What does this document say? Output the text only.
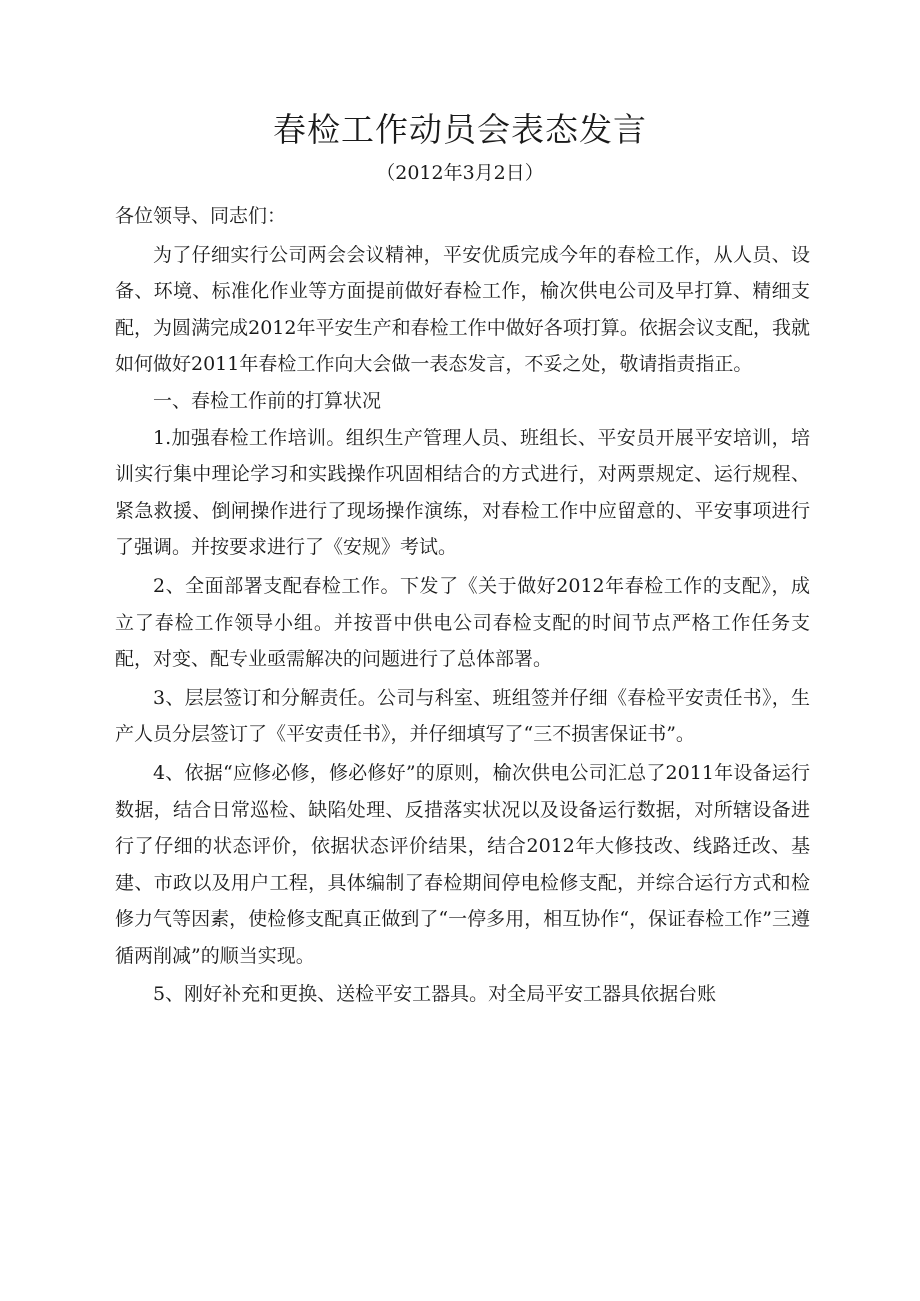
春检工作动员会表态发言

（2012年3月2日）

各位领导、同志们：

为了仔细实行公司两会会议精神，平安优质完成今年的春检工作，从人员、设备、环境、标准化作业等方面提前做好春检工作，榆次供电公司及早打算、精细支配，为圆满完成2012年平安生产和春检工作中做好各项打算。依据会议支配，我就如何做好2011年春检工作向大会做一表态发言，不妥之处，敬请指责指正。

一、春检工作前的打算状况

1.加强春检工作培训。组织生产管理人员、班组长、平安员开展平安培训，培训实行集中理论学习和实践操作巩固相结合的方式进行，对两票规定、运行规程、紧急救援、倒闸操作进行了现场操作演练，对春检工作中应留意的、平安事项进行了强调。并按要求进行了《安规》考试。

2、全面部署支配春检工作。下发了《关于做好2012年春检工作的支配》，成立了春检工作领导小组。并按晋中供电公司春检支配的时间节点严格工作任务支配，对变、配专业亟需解决的问题进行了总体部署。

3、层层签订和分解责任。公司与科室、班组签并仔细《春检平安责任书》，生产人员分层签订了《平安责任书》，并仔细填写了“三不损害保证书”。

4、依据“应修必修，修必修好”的原则，榆次供电公司汇总了2011年设备运行数据，结合日常巡检、缺陷处理、反措落实状况以及设备运行数据，对所辖设备进行了仔细的状态评价，依据状态评价结果，结合2012年大修技改、线路迁改、基建、市政以及用户工程，具体编制了春检期间停电检修支配，并综合运行方式和检修力气等因素，使检修支配真正做到了“一停多用，相互协作“，保证春检工作”三遵循两削减”的顺当实现。

5、刚好补充和更换、送检平安工器具。对全局平安工器具依据台账
